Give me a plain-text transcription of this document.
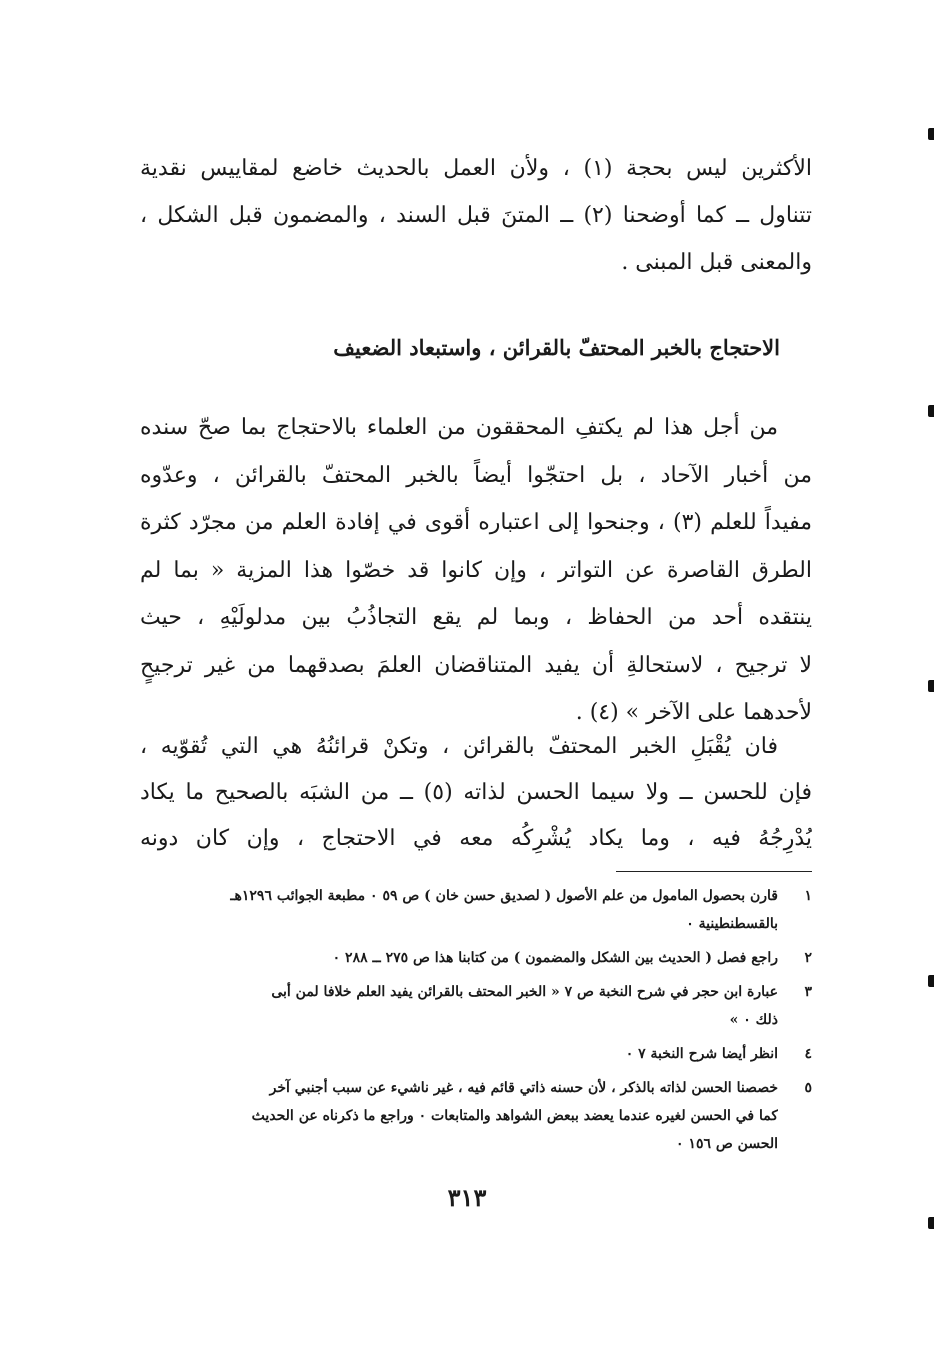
الأكثرين ليس بحجة (١) ، ولأن العمل بالحديث خاضع لمقاييس نقدية
تتناول ــ كما أوضحنا (٢) ــ المتنَ قبل السند ، والمضمون قبل الشكل ،
والمعنى قبل المبنى .
الاحتجاج بالخبر المحتفّ بالقرائن ، واستبعاد الضعيف
من أجل هذا لم يكتفِ المحققون من العلماء بالاحتجاج بما صحّ سنده
من أخبار الآحاد ، بل احتجّوا أيضاً بالخبر المحتفّ بالقرائن ، وعدّوه
مفيداً للعلم (٣) ، وجنحوا إلى اعتباره أقوى في إفادة العلم من مجرّد كثرة
الطرق القاصرة عن التواتر ، وإن كانوا قد خصّوا هذا المزية « بما لم
ينتقده أحد من الحفاظ ، وبما لم يقع التجاذُبُ بين مدلولَيْهِ ، حيث
لا ترجيح ، لاستحالةِ أن يفيد المتناقضان العلمَ بصدقهما من غير ترجيحٍ
لأحدهما على الآخر » (٤) .
فان يُقْبَلِ الخبر المحتفّ بالقرائن ، وتكنْ قرائنُهُ هي التي تُقوّيه ،
فإن للحسن ــ ولا سيما الحسن لذاته (٥) ــ من الشبَه بالصحيح ما يكاد
يُدْرِجُهُ فيه ، وما يكاد يُشْرِكُه معه في الاحتجاج ، وإن كان دونه
١
قارن بحصول المامول من علم الأصول ( لصديق حسن خان ) ص ٥٩ ٠ مطبعة الجوائب ١٢٩٦هـ
بالقسطنطينية ٠
٢
راجع فصل ( الحديث بين الشكل والمضمون ) من كتابنا هذا ص ٢٧٥ ــ ٢٨٨ ٠
٣
عبارة ابن حجر في شرح النخبة ص ٧ « الخبر المحتف بالقرائن يفيد العلم خلافا لمن أبى
ذلك ٠ »
٤
انظر أيضا شرح النخبة ٧ ٠
٥
خصصنا الحسن لذاته بالذكر ، لأن حسنه ذاتي قائم فيه ، غير ناشيء عن سبب أجنبي آخر
كما في الحسن لغيره عندما يعضد ببعض الشواهد والمتابعات ٠ وراجع ما ذكرناه عن الحديث
الحسن ص ١٥٦ ٠
٣١٣
